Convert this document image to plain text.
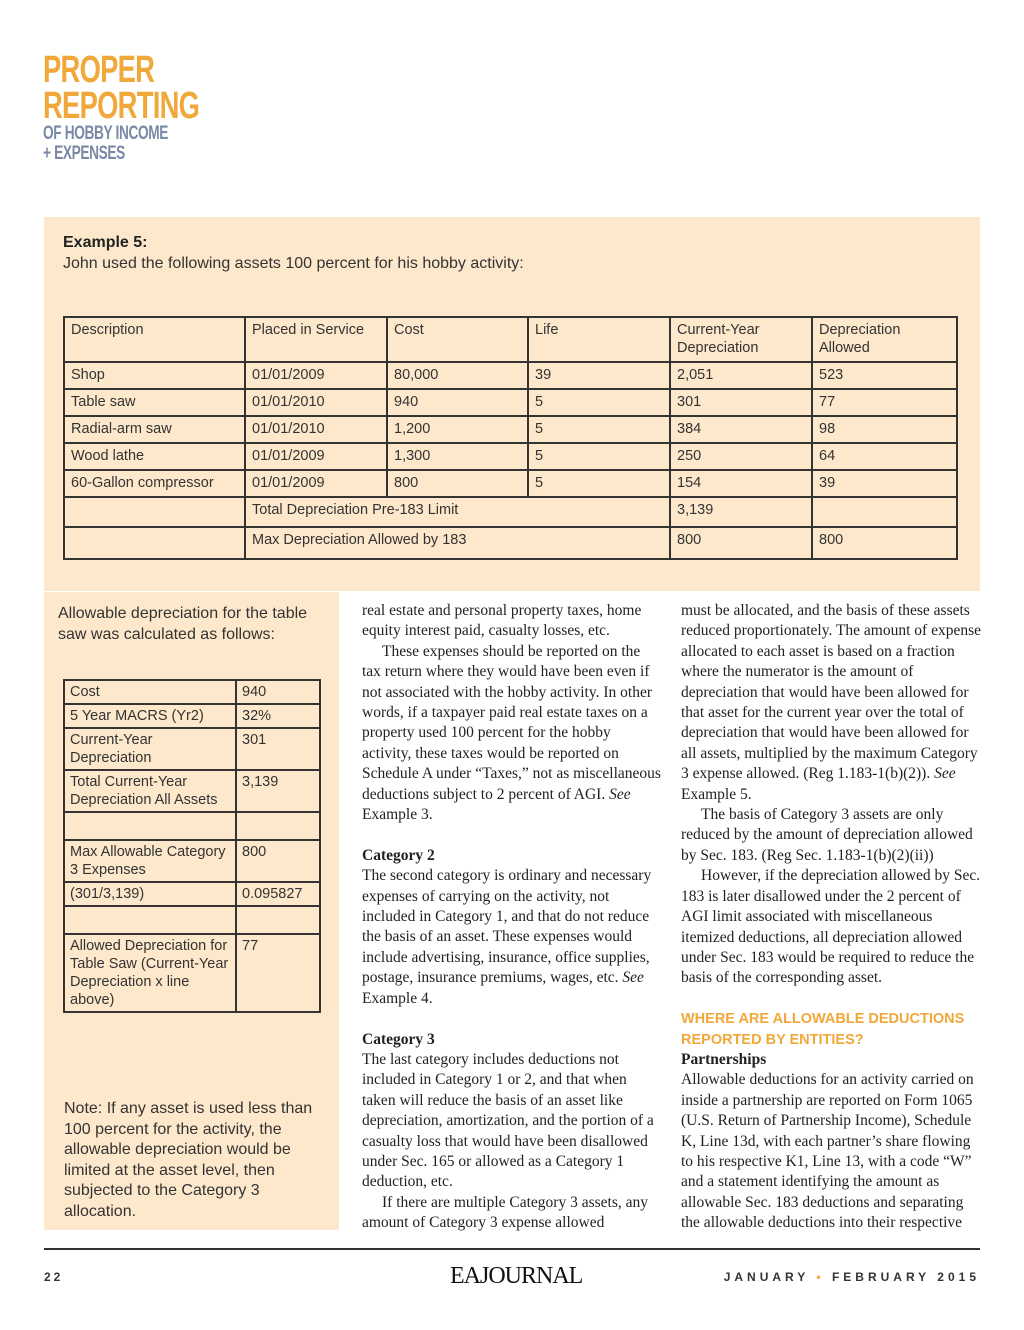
PROPER
REPORTING
OF HOBBY INCOME
+ EXPENSES
Example 5:
John used the following assets 100 percent for his hobby activity:
Description	Placed in Service	Cost	Life	Current-Year Depreciation	Depreciation Allowed
Shop	01/01/2009	80,000	39	2,051	523
Table saw	01/01/2010	940	5	301	77
Radial-arm saw	01/01/2010	1,200	5	384	98
Wood lathe	01/01/2009	1,300	5	250	64
60-Gallon compressor	01/01/2009	800	5	154	39
	Total Depreciation Pre-183 Limit			3,139	
	Max Depreciation Allowed by 183			800	800
Allowable depreciation for the table saw was calculated as follows:
Cost	940
5 Year MACRS (Yr2)	32%
Current-Year Depreciation	301
Total Current-Year Depreciation All Assets	3,139

Max Allowable Category 3 Expenses	800
(301/3,139)	0.095827

Allowed Depreciation for Table Saw (Current-Year Depreciation x line above)	77
Note: If any asset is used less than 100 percent for the activity, the allowable depreciation would be limited at the asset level, then subjected to the Category 3 allocation.

real estate and personal property taxes, home equity interest paid, casualty losses, etc.

These expenses should be reported on the tax return where they would have been even if not associated with the hobby activity. In other words, if a taxpayer paid real estate taxes on a property used 100 percent for the hobby activity, these taxes would be reported on Schedule A under “Taxes,” not as miscellaneous deductions subject to 2 percent of AGI. See Example 3.

Category 2

The second category is ordinary and necessary expenses of carrying on the activity, not included in Category 1, and that do not reduce the basis of an asset. These expenses would include advertising, insurance, office supplies, postage, insurance premiums, wages, etc. See Example 4.

Category 3

The last category includes deductions not included in Category 1 or 2, and that when taken will reduce the basis of an asset like depreciation, amortization, and the portion of a casualty loss that would have been disallowed under Sec. 165 or allowed as a Category 1 deduction, etc.

If there are multiple Category 3 assets, any amount of Category 3 expense allowed

must be allocated, and the basis of these assets reduced proportionately. The amount of expense allocated to each asset is based on a fraction where the numerator is the amount of depreciation that would have been allowed for that asset for the current year over the total of depreciation that would have been allowed for all assets, multiplied by the maximum Category 3 expense allowed. (Reg 1.183-1(b)(2)). See Example 5.

The basis of Category 3 assets are only reduced by the amount of depreciation allowed by Sec. 183. (Reg Sec. 1.183-1(b)(2)(ii))

However, if the depreciation allowed by Sec. 183 is later disallowed under the 2 percent of AGI limit associated with miscellaneous itemized deductions, all depreciation allowed under Sec. 183 would be required to reduce the basis of the corresponding asset.

WHERE ARE ALLOWABLE DEDUCTIONS REPORTED BY ENTITIES?

Partnerships

Allowable deductions for an activity carried on inside a partnership are reported on Form 1065 (U.S. Return of Partnership Income), Schedule K, Line 13d, with each partner’s share flowing to his respective K1, Line 13, with a code “W” and a statement identifying the amount as allowable Sec. 183 deductions and separating the allowable deductions into their respective

22	EAJOURNAL	JANUARY • FEBRUARY 2015
